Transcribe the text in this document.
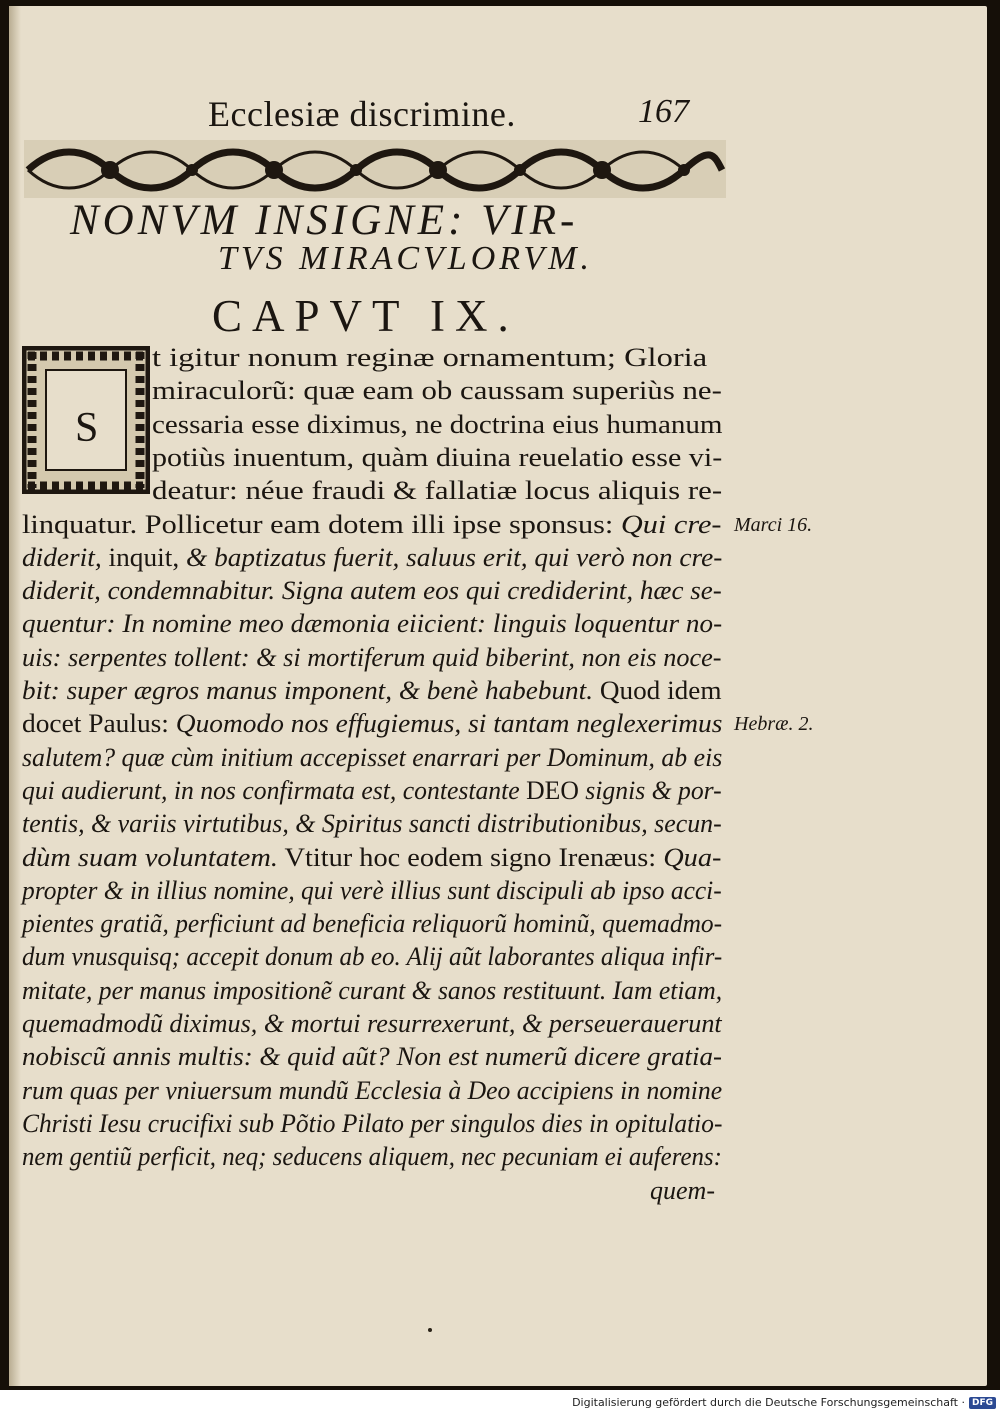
Ecclesiæ discrimine.	167
NONVM INSIGNE: VIR-
TVS MIRACVLORVM.
CAPVT IX.
S
t igitur nonum reginæ ornamentum; Gloria
miraculorũ: quæ eam ob caussam superiùs ne-
cessaria esse diximus, ne doctrina eius humanum
potiùs inuentum, quàm diuina reuelatio esse vi-
deatur: néue fraudi & fallatiæ locus aliquis re-
linquatur. Pollicetur eam dotem illi ipse sponsus: Qui cre-
diderit, inquit, & baptizatus fuerit, saluus erit, qui verò non cre-
diderit, condemnabitur. Signa autem eos qui crediderint, hæc se-
quentur: In nomine meo dæmonia eiicient: linguis loquentur no-
uis: serpentes tollent: & si mortiferum quid biberint, non eis noce-
bit: super ægros manus imponent, & benè habebunt. Quod idem
docet Paulus: Quomodo nos effugiemus, si tantam neglexerimus
salutem? quæ cùm initium accepisset enarrari per Dominum, ab eis
qui audierunt, in nos confirmata est, contestante DEO signis & por-
tentis, & variis virtutibus, & Spiritus sancti distributionibus, secun-
dùm suam voluntatem. Vtitur hoc eodem signo Irenæus: Qua-
propter & in illius nomine, qui verè illius sunt discipuli ab ipso acci-
pientes gratiã, perficiunt ad beneficia reliquorũ hominũ, quemadmo-
dum vnusquisq; accepit donum ab eo. Alij aũt laborantes aliqua infir-
mitate, per manus impositionẽ curant & sanos restituunt. Iam etiam,
quemadmodũ diximus, & mortui resurrexerunt, & perseuerauerunt
nobiscũ annis multis: & quid aũt? Non est numerũ dicere gratia-
rum quas per vniuersum mundũ Ecclesia à Deo accipiens in nomine
Christi Iesu crucifixi sub Põtio Pilato per singulos dies in opitulatio-
nem gentiũ perficit, neq; seducens aliquem, nec pecuniam ei auferens:
quem-
Digitalisierung gefördert durch die Deutsche Forschungsgemeinschaft · DFG
Marci 16.
Hebræ. 2.
